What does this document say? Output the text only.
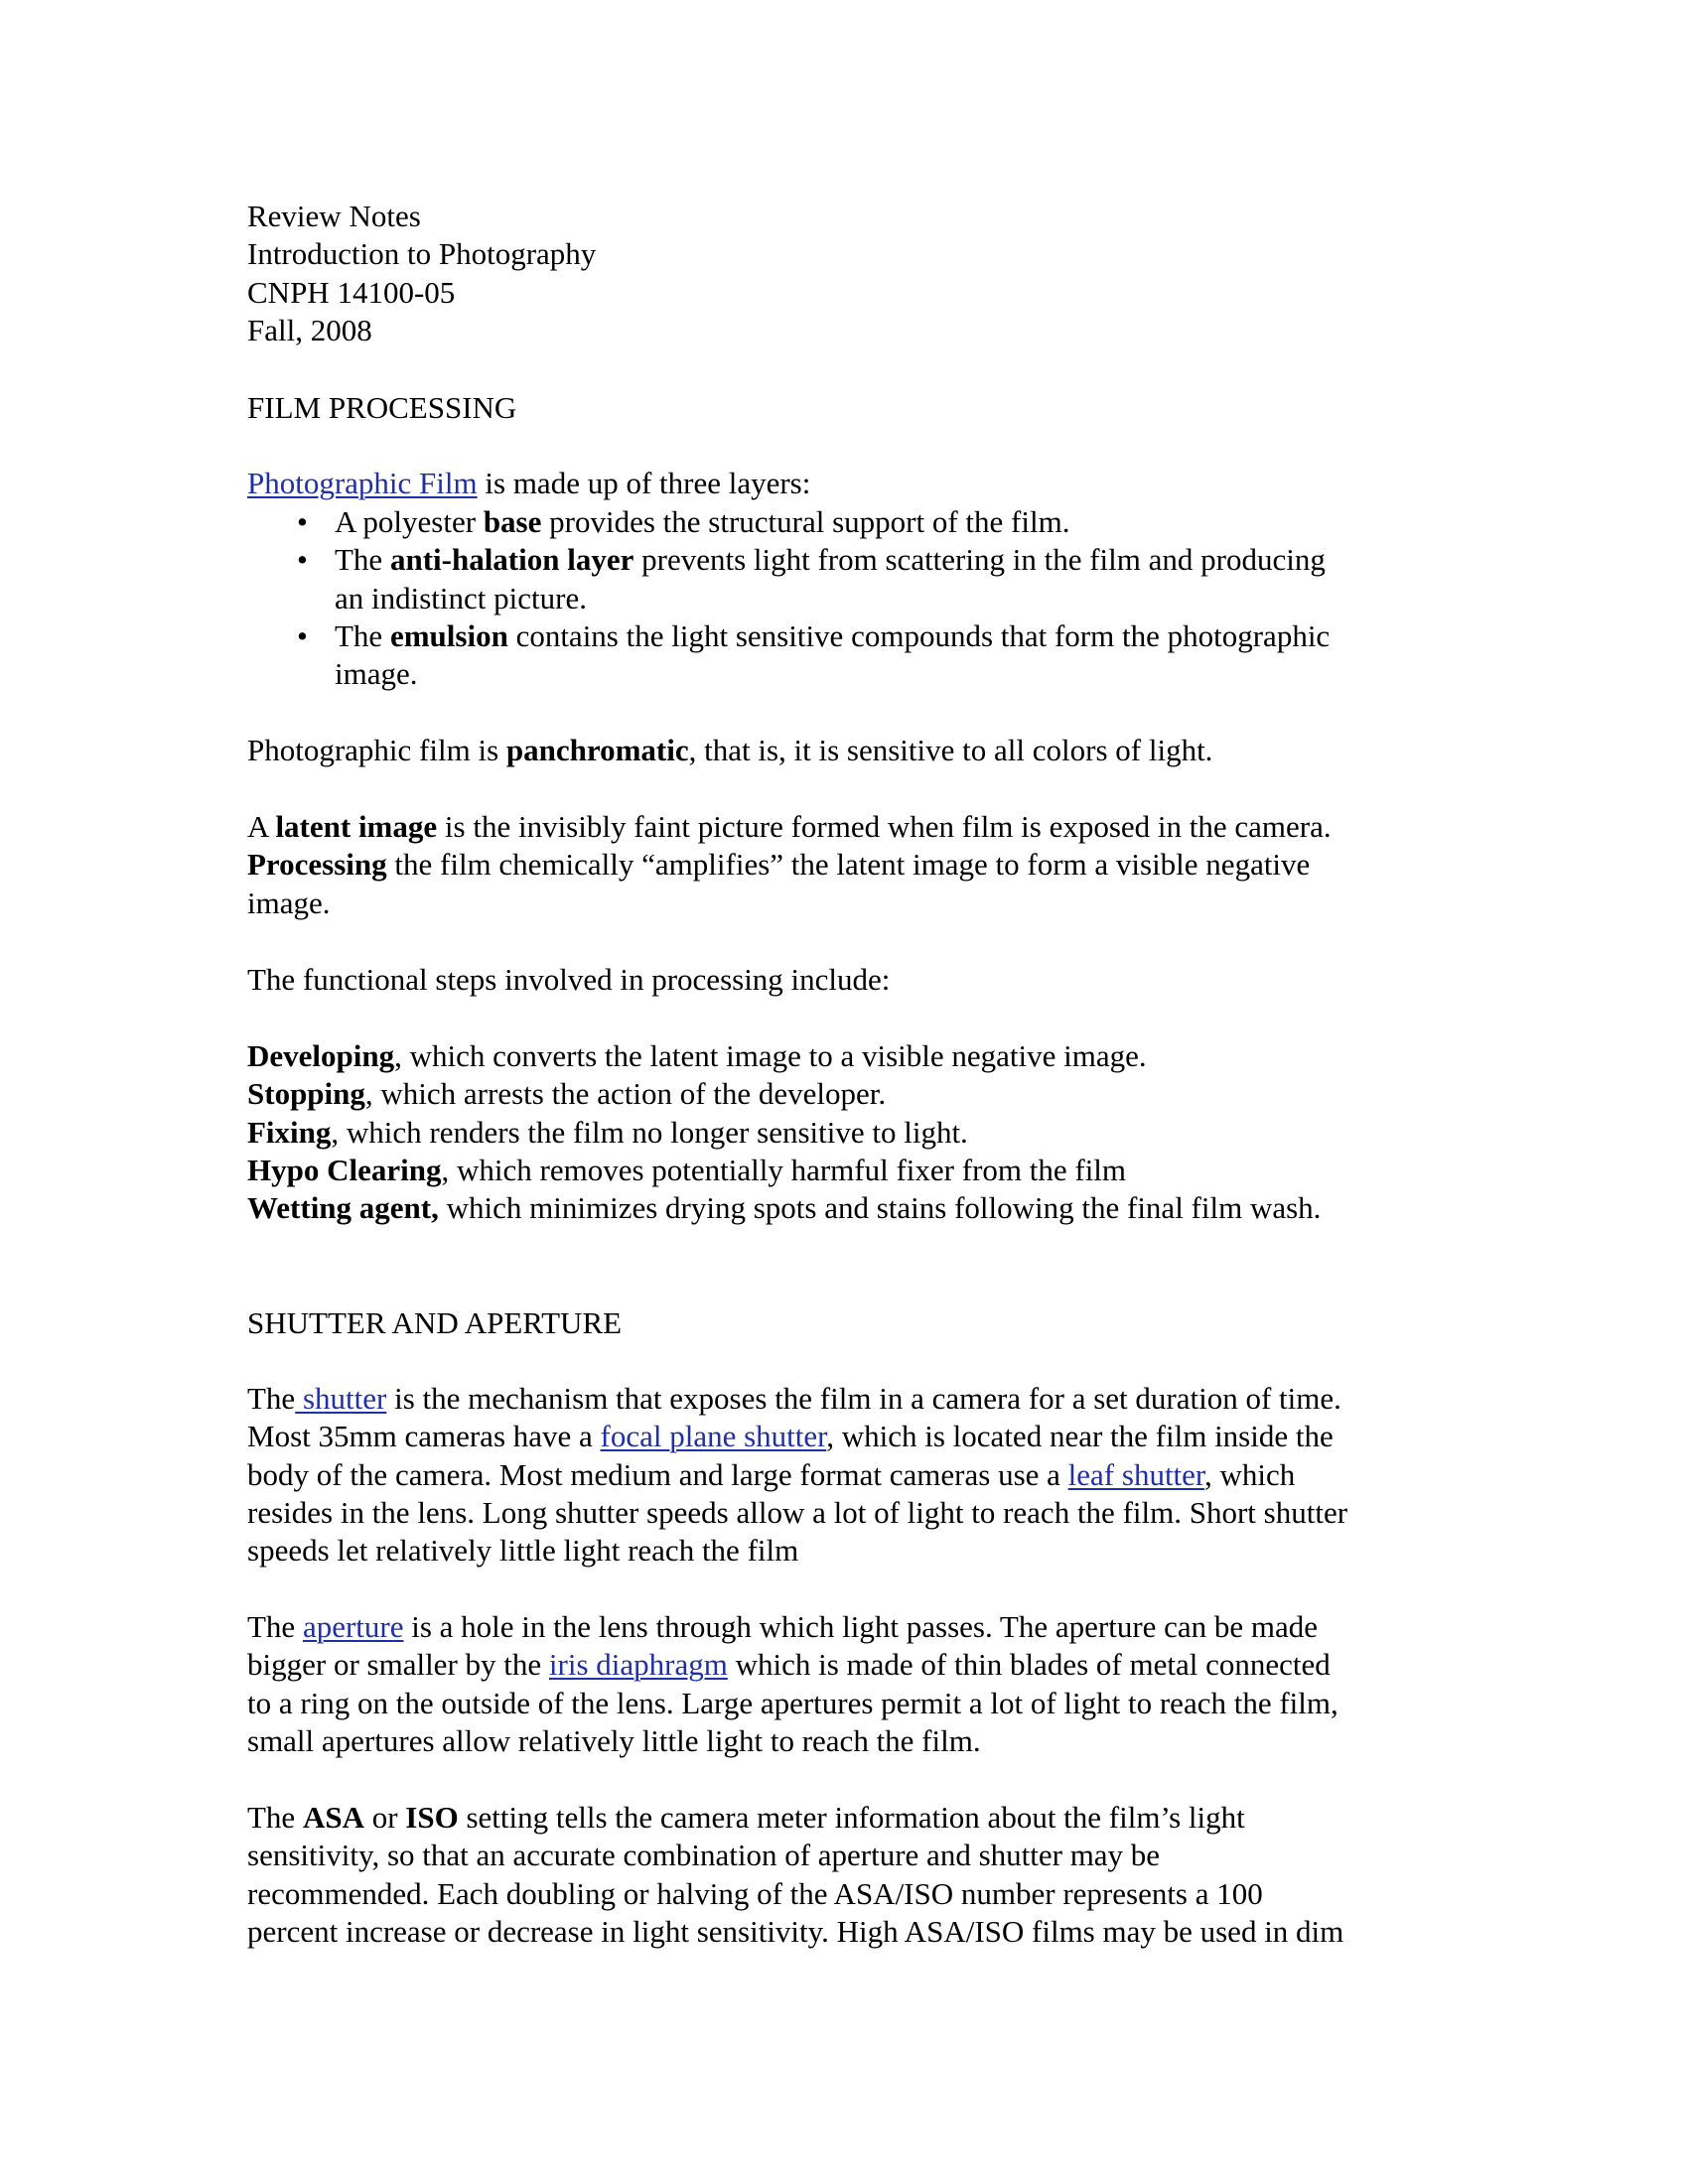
Review Notes
Introduction to Photography
CNPH 14100-05
Fall, 2008
FILM PROCESSING
Photographic Film is made up of three layers:
• A polyester base provides the structural support of the film.
• The anti-halation layer prevents light from scattering in the film and producing
an indistinct picture.
• The emulsion contains the light sensitive compounds that form the photographic
image.
Photographic film is panchromatic, that is, it is sensitive to all colors of light.
A latent image is the invisibly faint picture formed when film is exposed in the camera.
Processing the film chemically “amplifies” the latent image to form a visible negative
image.
The functional steps involved in processing include:
Developing, which converts the latent image to a visible negative image.
Stopping, which arrests the action of the developer.
Fixing, which renders the film no longer sensitive to light.
Hypo Clearing, which removes potentially harmful fixer from the film
Wetting agent, which minimizes drying spots and stains following the final film wash.
SHUTTER AND APERTURE
The shutter is the mechanism that exposes the film in a camera for a set duration of time.
Most 35mm cameras have a focal plane shutter, which is located near the film inside the
body of the camera. Most medium and large format cameras use a leaf shutter, which
resides in the lens. Long shutter speeds allow a lot of light to reach the film. Short shutter
speeds let relatively little light reach the film
The aperture is a hole in the lens through which light passes. The aperture can be made
bigger or smaller by the iris diaphragm which is made of thin blades of metal connected
to a ring on the outside of the lens. Large apertures permit a lot of light to reach the film,
small apertures allow relatively little light to reach the film.
The ASA or ISO setting tells the camera meter information about the film’s light
sensitivity, so that an accurate combination of aperture and shutter may be
recommended. Each doubling or halving of the ASA/ISO number represents a 100
percent increase or decrease in light sensitivity. High ASA/ISO films may be used in dim
